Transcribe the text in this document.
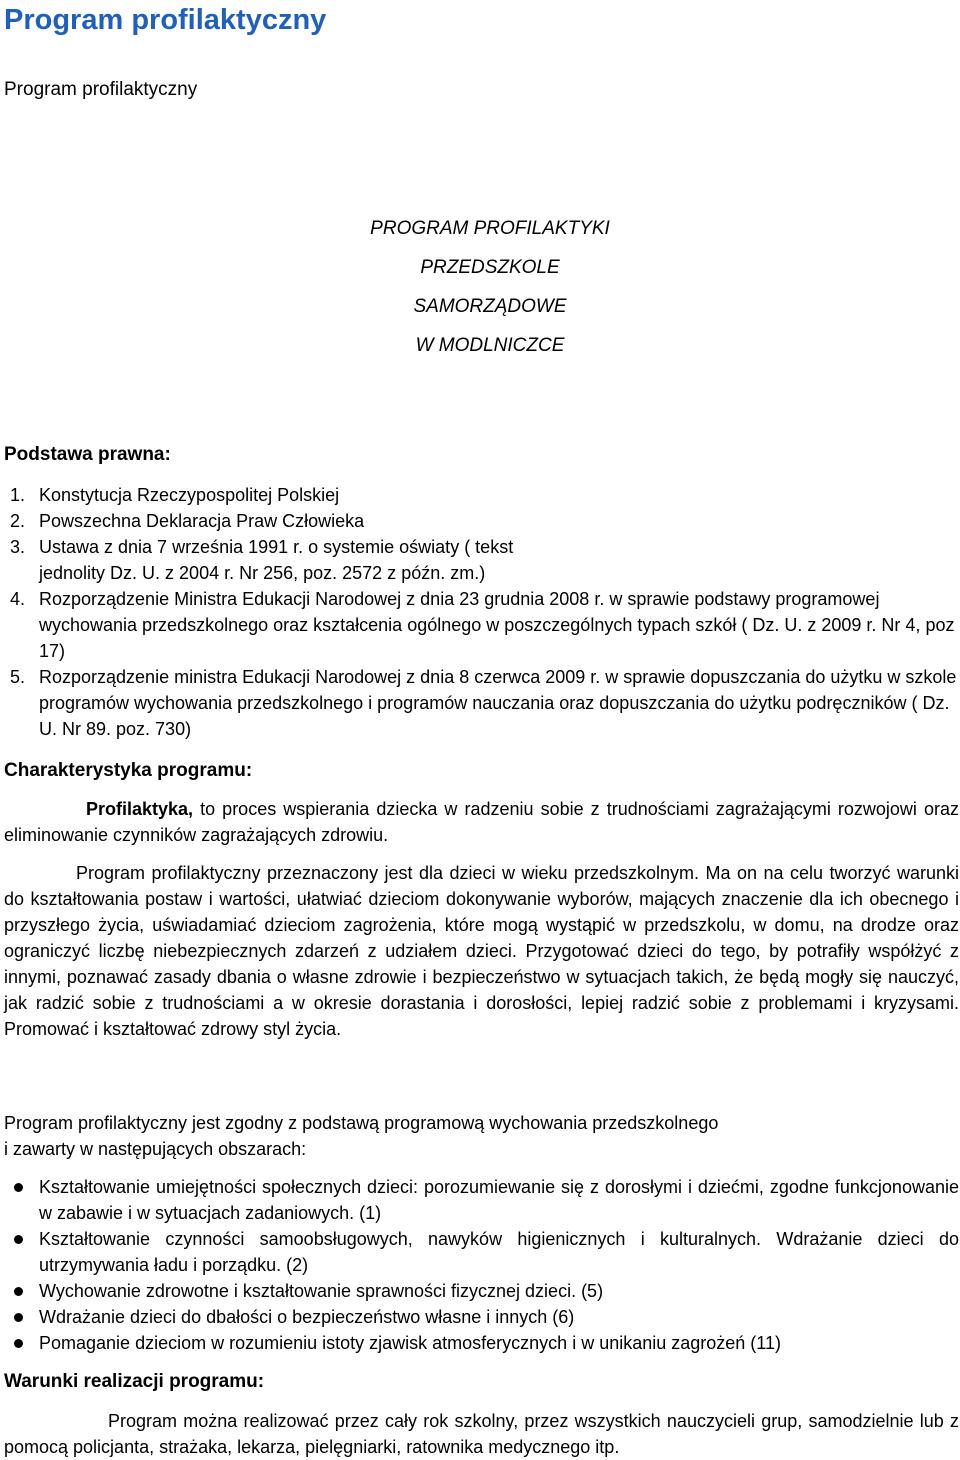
Program profilaktyczny
Program profilaktyczny
PROGRAM PROFILAKTYKI
PRZEDSZKOLE
SAMORZĄDOWE
W MODLNICZCE
Podstawa prawna:
1. Konstytucja Rzeczypospolitej Polskiej
2. Powszechna Deklaracja Praw Człowieka
3. Ustawa z dnia 7 września 1991 r. o systemie oświaty ( tekst jednolity Dz. U. z 2004 r. Nr 256, poz. 2572 z późn. zm.)
4. Rozporządzenie Ministra Edukacji Narodowej z dnia 23 grudnia 2008 r. w sprawie podstawy programowej wychowania przedszkolnego oraz kształcenia ogólnego w poszczególnych typach szkół ( Dz. U. z 2009 r. Nr 4, poz 17)
5. Rozporządzenie ministra Edukacji Narodowej z dnia 8 czerwca 2009 r. w sprawie dopuszczania do użytku w szkole programów wychowania przedszkolnego i programów nauczania oraz dopuszczania do użytku podręczników ( Dz. U. Nr 89. poz. 730)
Charakterystyka programu:

Profilaktyka, to proces wspierania dziecka w radzeniu sobie z trudnościami zagrażającymi rozwojowi oraz eliminowanie czynników zagrażających zdrowiu.

Program profilaktyczny przeznaczony jest dla dzieci w wieku przedszkolnym. Ma on na celu tworzyć warunki do kształtowania postaw i wartości, ułatwiać dzieciom dokonywanie wyborów, mających znaczenie dla ich obecnego i przyszłego życia, uświadamiać dzieciom zagrożenia, które mogą wystąpić w przedszkolu, w domu, na drodze oraz ograniczyć liczbę niebezpiecznych zdarzeń z udziałem dzieci. Przygotować dzieci do tego, by potrafiły współżyć z innymi, poznawać zasady dbania o własne zdrowie i bezpieczeństwo w sytuacjach takich, że będą mogły się nauczyć, jak radzić sobie z trudnościami a w okresie dorastania i dorosłości, lepiej radzić sobie z problemami i kryzysami. Promować i kształtować zdrowy styl życia.

Program profilaktyczny jest zgodny z podstawą programową wychowania przedszkolnego
i zawarty w następujących obszarach:

Kształtowanie umiejętności społecznych dzieci: porozumiewanie się z dorosłymi i dziećmi, zgodne funkcjonowanie w zabawie i w sytuacjach zadaniowych. (1)
Kształtowanie czynności samoobsługowych, nawyków higienicznych i kulturalnych. Wdrażanie dzieci do utrzymywania ładu i porządku. (2)
Wychowanie zdrowotne i kształtowanie sprawności fizycznej dzieci. (5)
Wdrażanie dzieci do dbałości o bezpieczeństwo własne i innych (6)
Pomaganie dzieciom w rozumieniu istoty zjawisk atmosferycznych i w unikaniu zagrożeń (11)
Warunki realizacji programu:

Program można realizować przez cały rok szkolny, przez wszystkich nauczycieli grup, samodzielnie lub z pomocą policjanta, strażaka, lekarza, pielęgniarki, ratownika medycznego itp.
